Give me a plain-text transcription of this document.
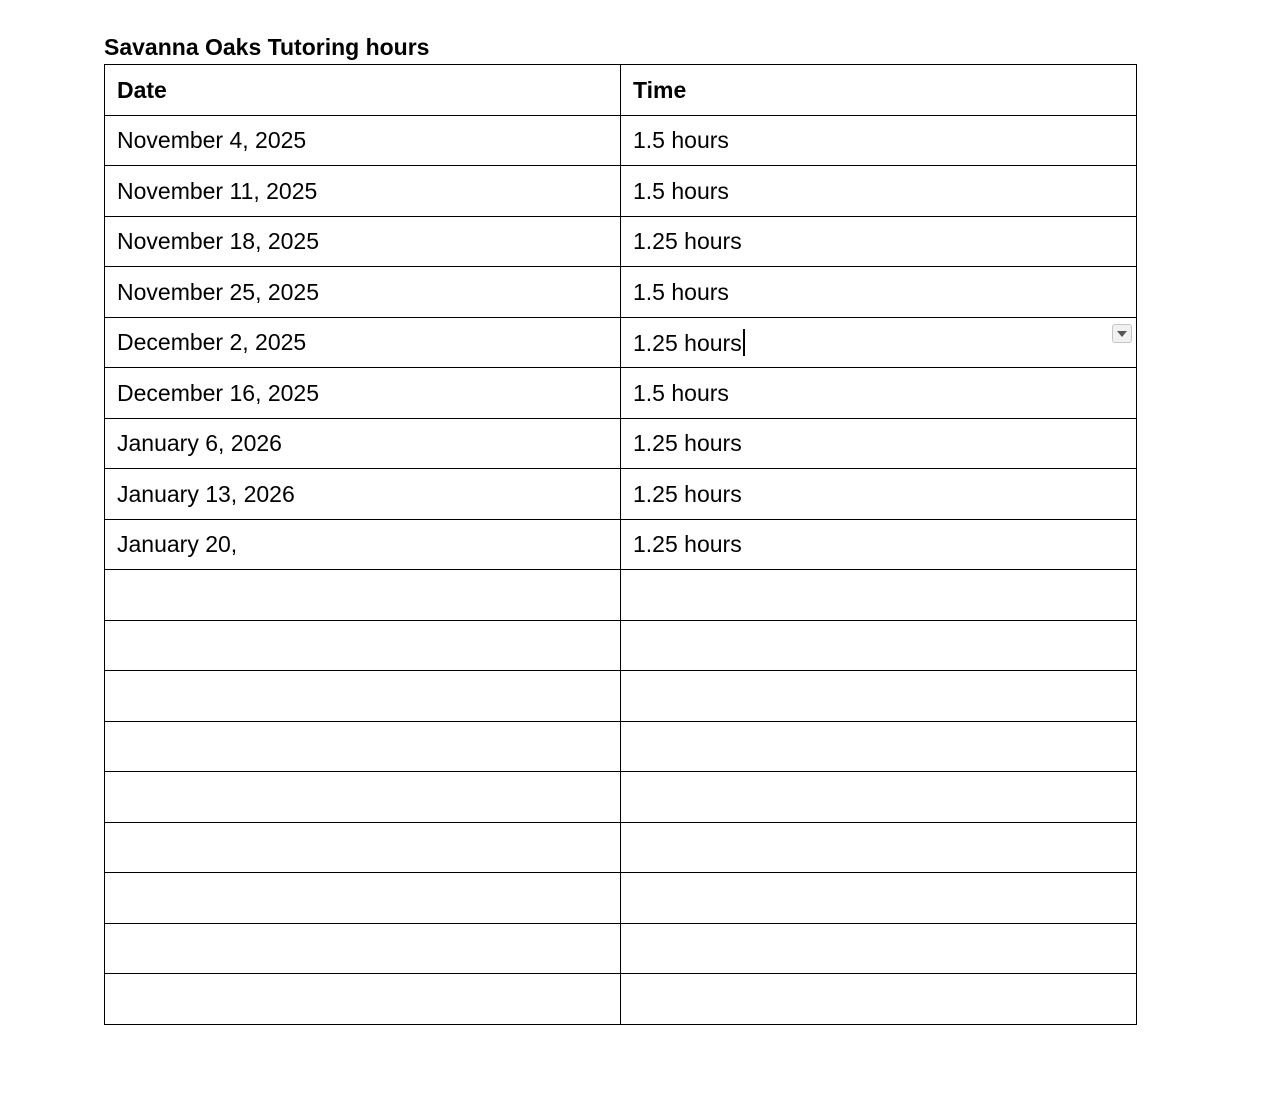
Savanna Oaks Tutoring hours
Date	Time
November 4, 2025	1.5 hours
November 11, 2025	1.5 hours
November 18, 2025	1.25 hours
November 25, 2025	1.5 hours
December 2, 2025	1.25 hours

December 16, 2025	1.5 hours
January 6, 2026	1.25 hours
January 13, 2026	1.25 hours
January 20,	1.25 hours
